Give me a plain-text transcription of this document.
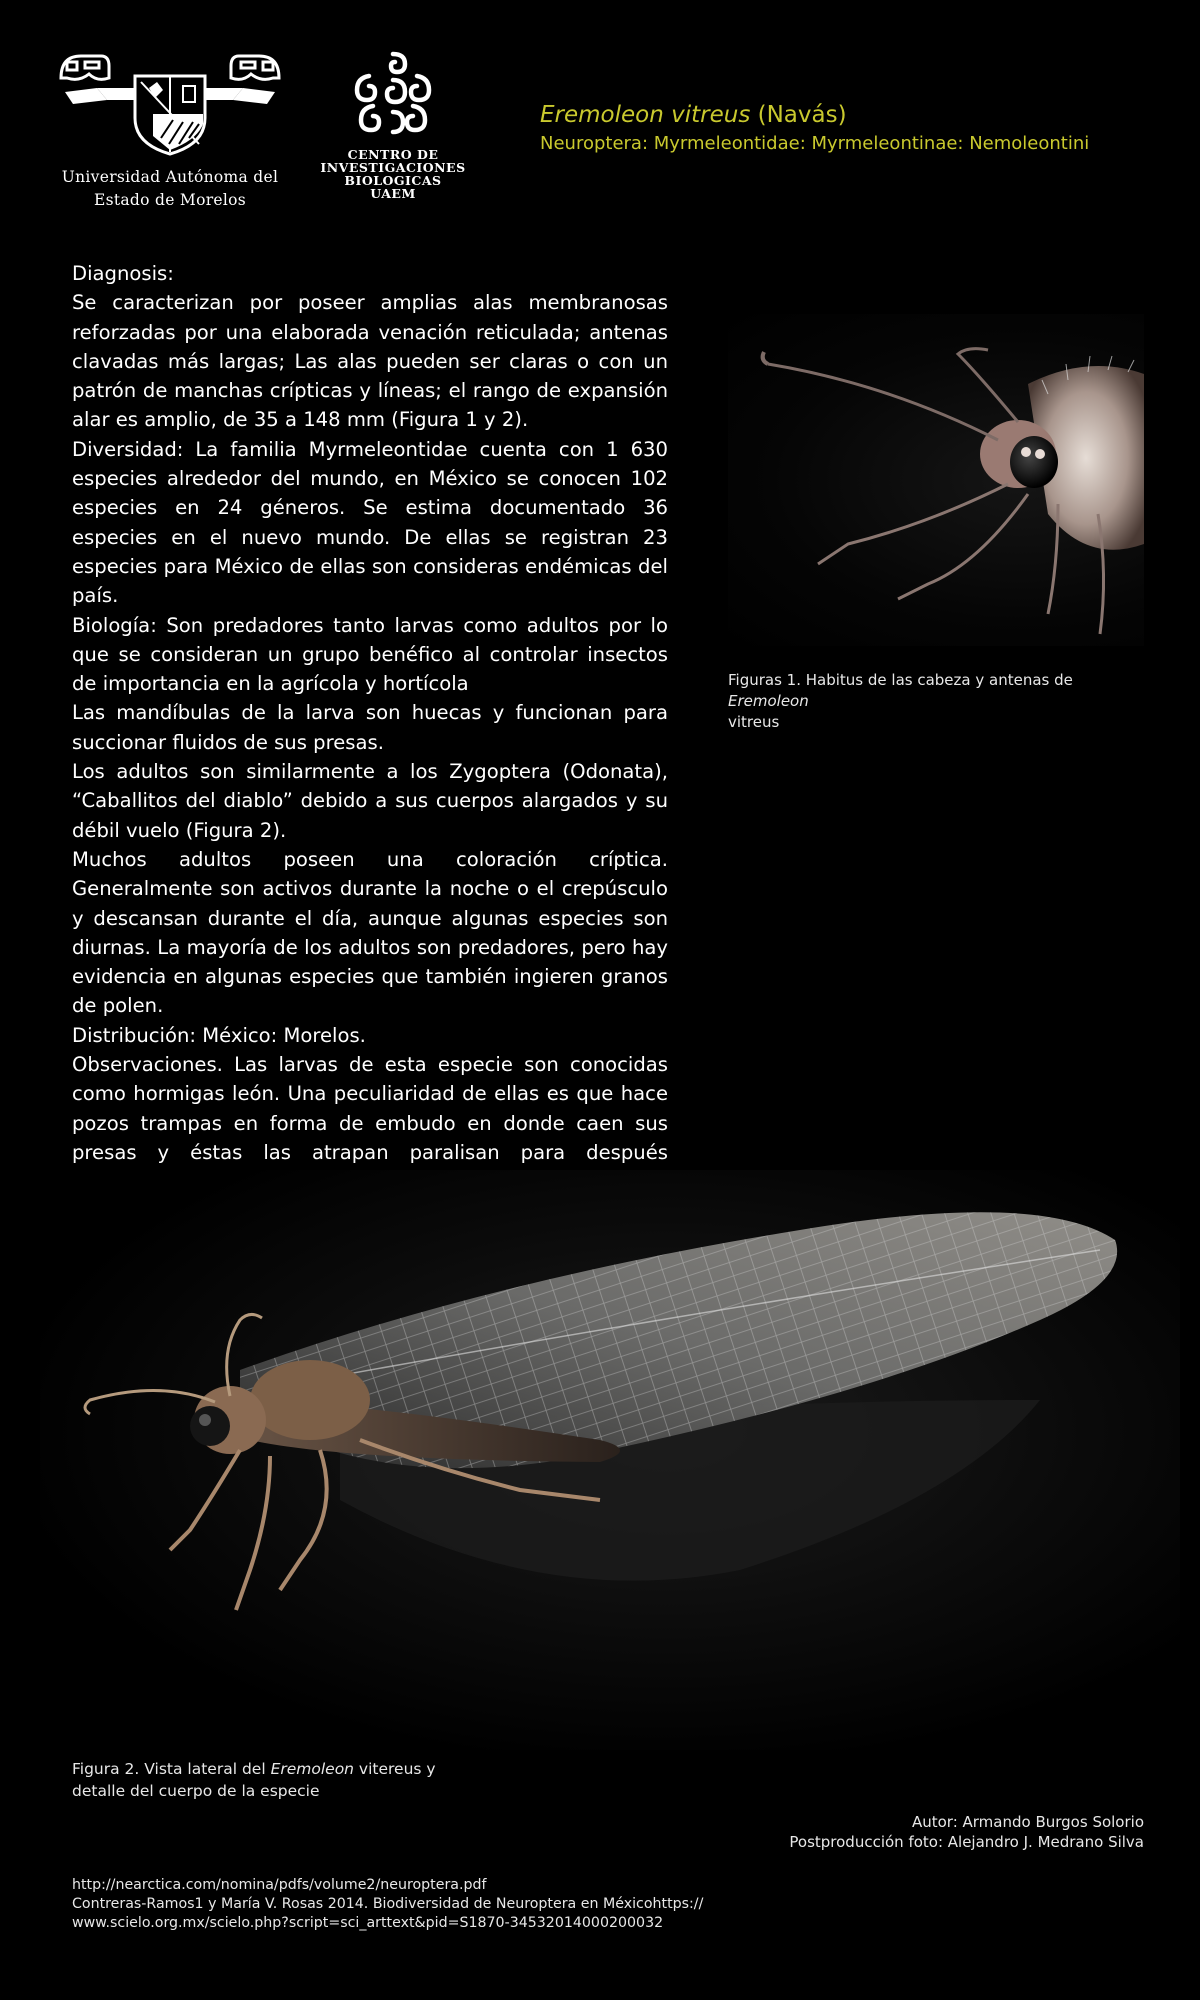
Universidad Autónoma del
Estado de Morelos
CENTRO DE
INVESTIGACIONES
BIOLOGICAS
UAEM
Eremoleon vitreus (Navás)
Neuroptera: Myrmeleontidae: Myrmeleontinae: Nemoleontini

Diagnosis:

Se caracterizan por poseer amplias alas membranosas reforzadas por una elaborada venación reticulada; antenas clavadas más largas; Las alas pueden ser claras o con un patrón de manchas crípticas y líneas; el rango de expansión alar es amplio, de 35 a 148 mm (Figura 1 y 2).

Diversidad: La familia Myrmeleontidae cuenta con 1 630 especies alrededor del mundo, en México se conocen 102 especies en 24 géneros. Se estima documentado 36 especies en el nuevo mundo. De ellas se registran 23 especies para México de ellas son consideras endémicas del país.

Biología: Son predadores tanto larvas como adultos por lo que se consideran un grupo benéfico al controlar insectos de importancia en la agrícola y hortícola

Las mandíbulas de la larva son huecas y funcionan para succionar fluidos de sus presas.

Los adultos son similarmente a los Zygoptera (Odonata), “Caballitos del diablo” debido a sus cuerpos alargados y su débil vuelo (Figura 2).

Muchos adultos poseen una coloración críptica. Generalmente son activos durante la noche o el crepúsculo y descansan durante el día, aunque algunas especies son diurnas. La mayoría de los adultos son predadores, pero hay evidencia en algunas especies que también ingieren granos de polen.

Distribución: México: Morelos.

Observaciones. Las larvas de esta especie son conocidas como hormigas león. Una peculiaridad de ellas es que hace pozos trampas en forma de embudo en donde caen sus presas y éstas las atrapan paralisan para después

Figuras 1. Habitus de las cabeza y antenas de Eremoleon
vitreus
Figura 2. Vista lateral del Eremoleon vitereus y detalle del cuerpo de la especie
Autor: Armando Burgos Solorio
Postproducción foto: Alejandro J. Medrano Silva
http://nearctica.com/nomina/pdfs/volume2/neuroptera.pdf
Contreras-Ramos1 y María V. Rosas 2014. Biodiversidad de Neuroptera en Méxicohttps://
www.scielo.org.mx/scielo.php?script=sci_arttext&pid=S1870-34532014000200032
